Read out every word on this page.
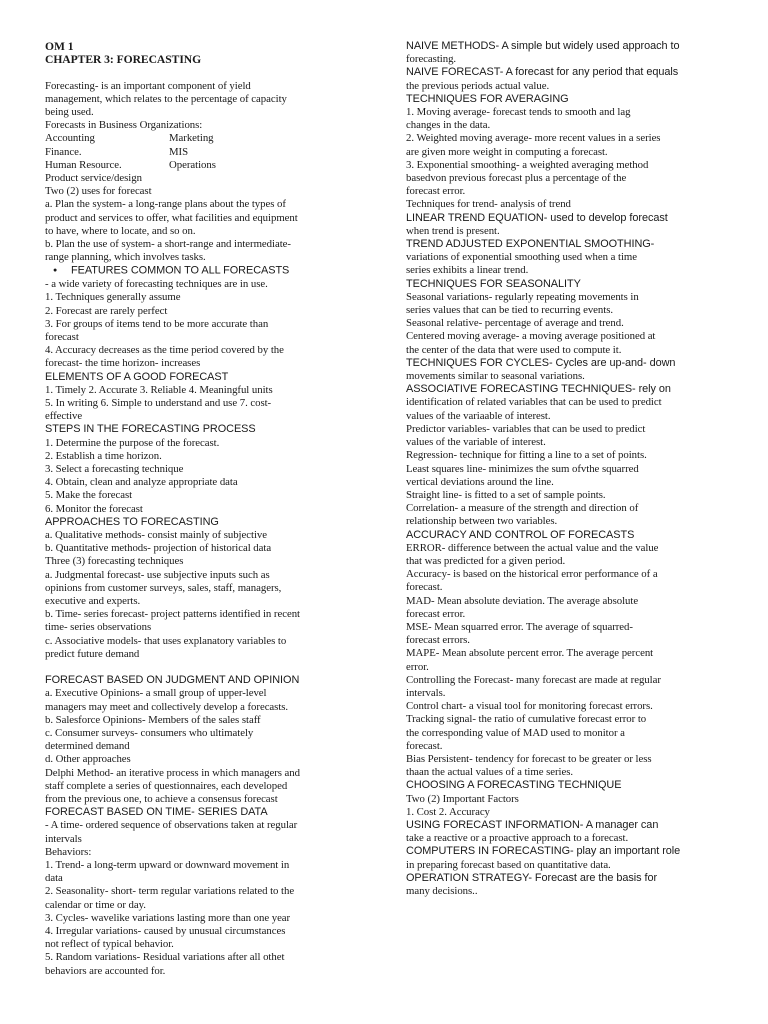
OM 1
CHAPTER 3: FORECASTING
Forecasting- is an important component of yield
management, which relates to the percentage of capacity
being used.
Forecasts in Business Organizations:
Accounting	Marketing
Finance.	MIS
Human Resource.	Operations
Product service/design
Two (2) uses for forecast
a. Plan the system- a long-range plans about the types of
product and services to offer, what facilities and equipment
to have, where to locate, and so on.
b. Plan the use of system- a short-range and intermediate-
range planning, which involves tasks.
● FEATURES COMMON TO ALL FORECASTS
- a wide variety of forecasting techniques are in use.
1. Techniques generally assume
2. Forecast are rarely perfect
3. For groups of items tend to be more accurate than
forecast
4. Accuracy decreases as the time period covered by the
forecast- the time horizon- increases
ELEMENTS OF A GOOD FORECAST
1. Timely 2. Accurate 3. Reliable 4. Meaningful units
5. In writing 6. Simple to understand and use 7. cost-
effective
STEPS IN THE FORECASTING PROCESS
1. Determine the purpose of the forecast.
2. Establish a time horizon.
3. Select a forecasting technique
4. Obtain, clean and analyze appropriate data
5. Make the forecast
6. Monitor the forecast
APPROACHES TO FORECASTING
a. Qualitative methods- consist mainly of subjective
b. Quantitative methods- projection of historical data
Three (3) forecasting techniques
a. Judgmental forecast- use subjective inputs such as
opinions from customer surveys, sales, staff, managers,
executive and experts.
b. Time- series forecast- project patterns identified in recent
time- series observations
c. Associative models- that uses explanatory variables to
predict future demand
FORECAST BASED ON JUDGMENT AND OPINION
a. Executive Opinions- a small group of upper-level
managers may meet and collectively develop a forecasts.
b. Salesforce Opinions- Members of the sales staff
c. Consumer surveys- consumers who ultimately
determined demand
d. Other approaches
Delphi Method- an iterative process in which managers and
staff complete a series of questionnaires, each developed
from the previous one, to achieve a consensus forecast
FORECAST BASED ON TIME- SERIES DATA
- A time- ordered sequence of observations taken at regular
intervals
Behaviors:
1. Trend- a long-term upward or downward movement in
data
2. Seasonality- short- term regular variations related to the
calendar or time or day.
3. Cycles- wavelike variations lasting more than one year
4. Irregular variations- caused by unusual circumstances
not reflect of typical behavior.
5. Random variations- Residual variations after all othet
behaviors are accounted for.
NAIVE METHODS- A simple but widely used approach to
forecasting.
NAIVE FORECAST- A forecast for any period that equals
the previous periods actual value.
TECHNIQUES FOR AVERAGING
1. Moving average- forecast tends to smooth and lag
changes in the data.
2. Weighted moving average- more recent values in a series
are given more weight in computing a forecast.
3. Exponential smoothing- a weighted averaging method
basedvon previous forecast plus a percentage of the
forecast error.
Techniques for trend- analysis of trend
LINEAR TREND EQUATION- used to develop forecast
when trend is present.
TREND ADJUSTED EXPONENTIAL SMOOTHING-
variations of exponential smoothing used when a time
series exhibits a linear trend.
TECHNIQUES FOR SEASONALITY
Seasonal variations- regularly repeating movements in
series values that can be tied to recurring events.
Seasonal relative- percentage of average and trend.
Centered moving average- a moving average positioned at
the center of the data that were used to compute it.
TECHNIQUES FOR CYCLES- Cycles are up-and- down
movements similar to seasonal variations.
ASSOCIATIVE FORECASTING TECHNIQUES- rely on
identification of related variables that can be used to predict
values of the variaable of interest.
Predictor variables- variables that can be used to predict
values of the variable of interest.
Regression- technique for fitting a line to a set of points.
Least squares line- minimizes the sum ofvthe squarred
vertical deviations around the line.
Straight line- is fitted to a set of sample points.
Correlation- a measure of the strength and direction of
relationship between two variables.
ACCURACY AND CONTROL OF FORECASTS
ERROR- difference between the actual value and the value
that was predicted for a given period.
Accuracy- is based on the historical error performance of a
forecast.
MAD- Mean absolute deviation. The average absolute
forecast error.
MSE- Mean squarred error. The average of squarred-
forecast errors.
MAPE- Mean absolute percent error. The average percent
error.
Controlling the Forecast- many forecast are made at regular
intervals.
Control chart- a visual tool for monitoring forecast errors.
Tracking signal- the ratio of cumulative forecast error to
the corresponding value of MAD used to monitor a
forecast.
Bias Persistent- tendency for forecast to be greater or less
thaan the actual values of a time series.
CHOOSING A FORECASTING TECHNIQUE
Two (2) Important Factors
1. Cost 2. Accuracy
USING FORECAST INFORMATION- A manager can
take a reactive or a proactive approach to a forecast.
COMPUTERS IN FORECASTING- play an important role
in preparing forecast based on quantitative data.
OPERATION STRATEGY- Forecast are the basis for
many decisions..
